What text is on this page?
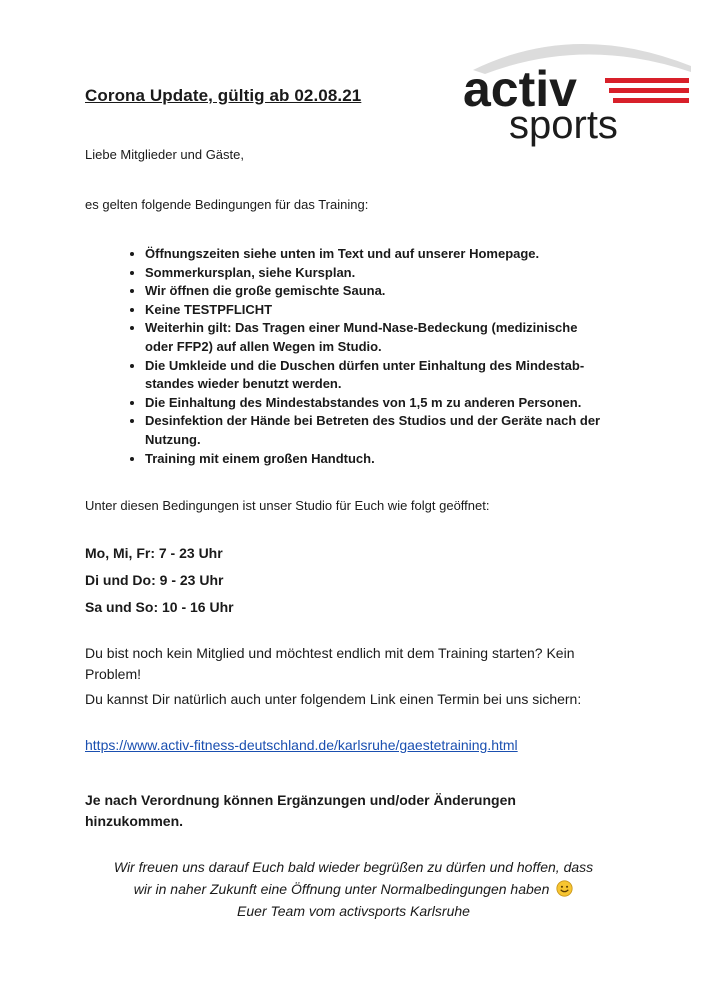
activ
sports
Corona Update, gültig ab 02.08.21

Liebe Mitglieder und Gäste,

es gelten folgende Bedingungen für das Training:

• Öffnungszeiten siehe unten im Text und auf unserer Homepage.
• Sommerkursplan, siehe Kursplan.
• Wir öffnen die große gemischte Sauna.
• Keine TESTPFLICHT
• Weiterhin gilt: Das Tragen einer Mund-Nase-Bedeckung (medizinische
oder FFP2) auf allen Wegen im Studio.
• Die Umkleide und die Duschen dürfen unter Einhaltung des Mindestab-
standes wieder benutzt werden.
• Die Einhaltung des Mindestabstandes von 1,5 m zu anderen Personen.
• Desinfektion der Hände bei Betreten des Studios und der Geräte nach der
Nutzung.
• Training mit einem großen Handtuch.

Unter diesen Bedingungen ist unser Studio für Euch wie folgt geöffnet:

Mo, Mi, Fr: 7 - 23 Uhr
Di und Do: 9 - 23 Uhr
Sa und So: 10 - 16 Uhr

Du bist noch kein Mitglied und möchtest endlich mit dem Training starten? Kein Problem!

Du kannst Dir natürlich auch unter folgendem Link einen Termin bei uns sichern:

https://www.activ-fitness-deutschland.de/karlsruhe/gaestetraining.html

Je nach Verordnung können Ergänzungen und/oder Änderungen hinzukommen.

Wir freuen uns darauf Euch bald wieder begrüßen zu dürfen und hoffen, dass
wir in naher Zukunft eine Öffnung unter Normalbedingungen haben
Euer Team vom activsports Karlsruhe
